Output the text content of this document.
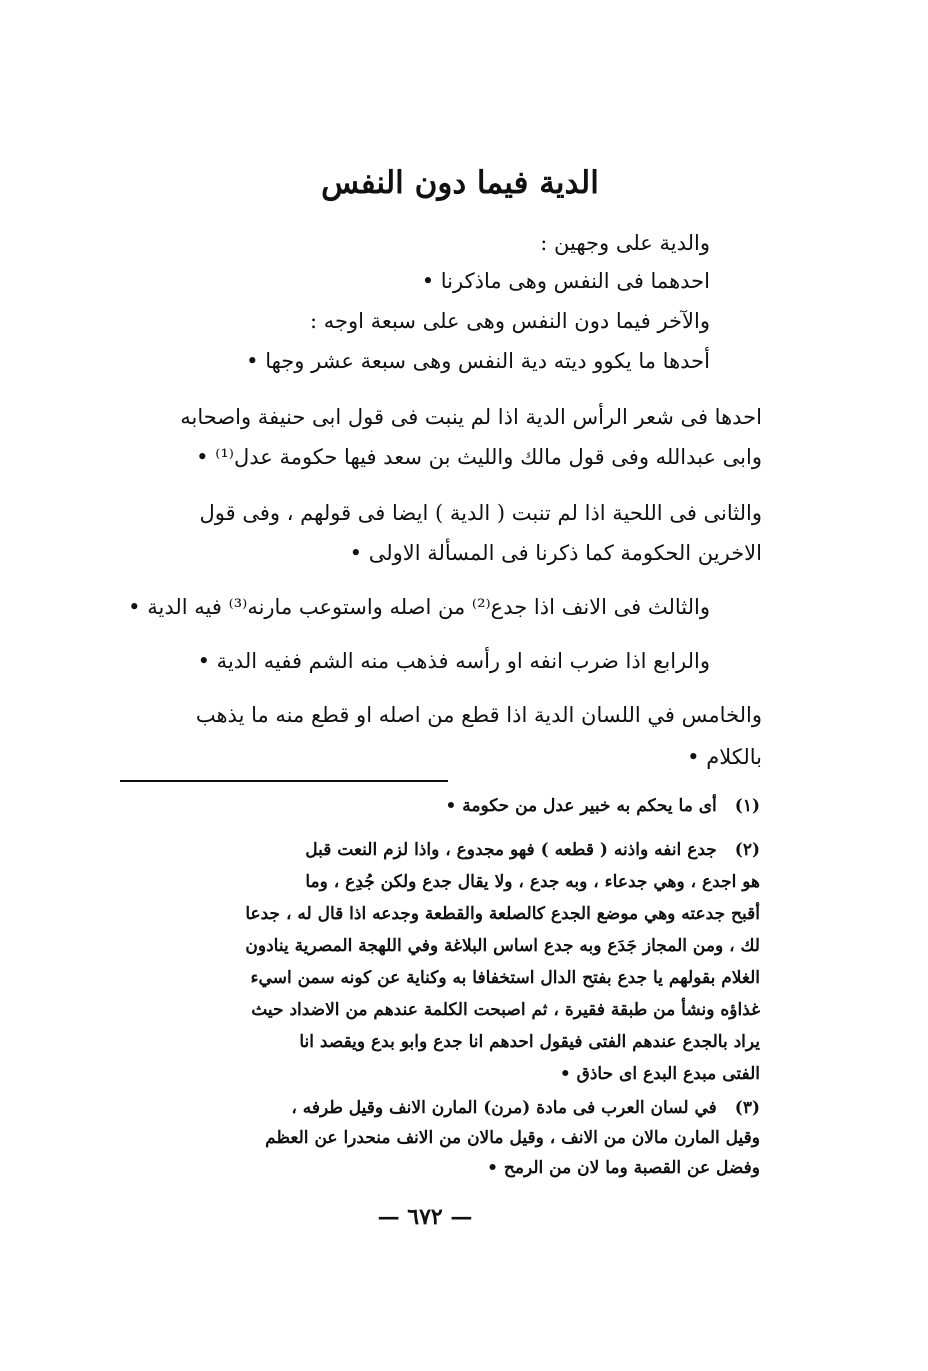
الدية فيما دون النفس

والدية على وجهين :

احدهما فى النفس وهى ماذكرنا •

والآخر فيما دون النفس وهى على سبعة اوجه :

أحدها ما يكوو ديته دية النفس وهى سبعة عشر وجها •

احدها فى شعر الرأس الدية اذا لم ينبت فى قول ابى حنيفة واصحابه

وابى عبدالله وفى قول مالك والليث بن سعد فيها حكومة عدل⁽¹⁾ •

والثانى فى اللحية اذا لم تنبت ( الدية ) ايضا فى قولهم ، وفى قول

الاخرين الحكومة كما ذكرنا فى المسألة الاولى •

والثالث فى الانف اذا جدع⁽²⁾ من اصله واستوعب مارنه⁽³⁾ فيه الدية •

والرابع اذا ضرب انفه او رأسه فذهب منه الشم ففيه الدية •

والخامس في اللسان الدية اذا قطع من اصله او قطع منه ما يذهب

بالكلام •

(١)أى ما يحكم به خبير عدل من حكومة •

(٢)جدع انفه واذنه ( قطعه ) فهو مجدوع ، واذا لزم النعت قبل

هو اجدع ، وهي جدعاء ، وبه جدع ، ولا يقال جدع ولكن جُدِع ، وما

أقبح جدعته وهي موضع الجدع كالصلعة والقطعة وجدعه اذا قال له ، جدعا

لك ، ومن المجاز جَدَع وبه جدع اساس البلاغة وفي اللهجة المصرية ينادون

الغلام بقولهم يا جدع بفتح الدال استخفافا به وكناية عن كونه سمن اسيء

غذاؤه ونشأ من طبقة فقيرة ، ثم اصبحت الكلمة عندهم من الاضداد حيث

يراد بالجدع عندهم الفتى فيقول احدهم انا جدع وابو بدع ويقصد انا

الفتى مبدع البدع اى حاذق •

(٣)في لسان العرب فى مادة (مرن) المارن الانف وقيل طرفه ،

وقيل المارن مالان من الانف ، وقيل مالان من الانف منحدرا عن العظم

وفضل عن القصبة وما لان من الرمح •

— ٦٧٢ —
